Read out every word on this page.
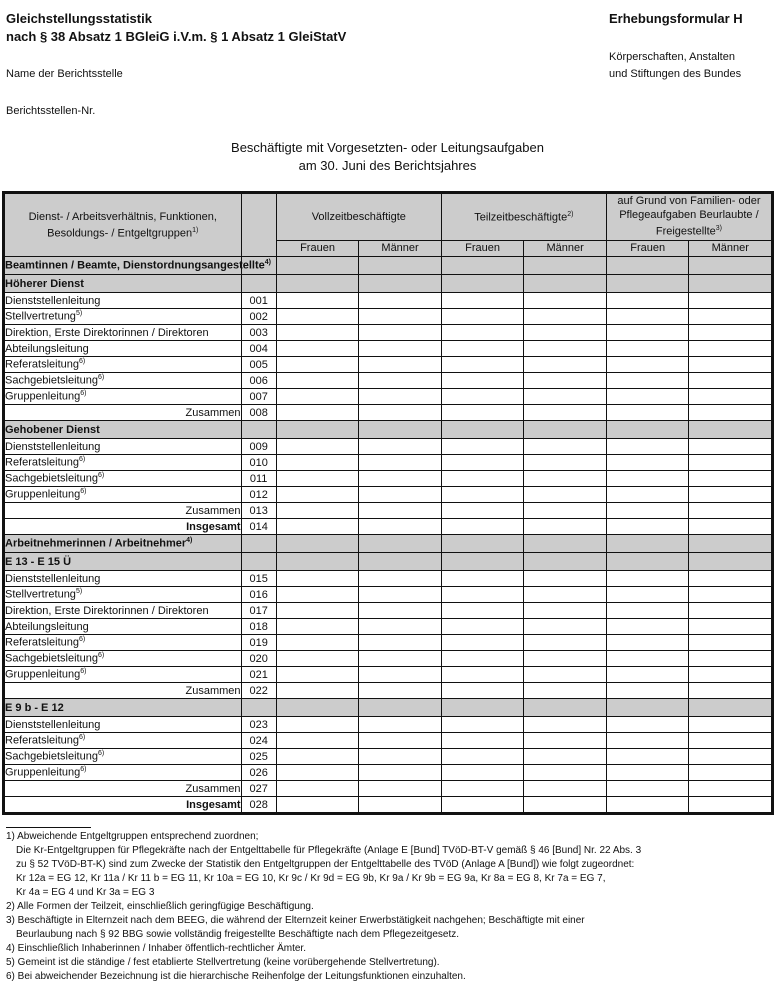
Gleichstellungsstatistik
nach § 38 Absatz 1 BGleiG i.V.m. § 1 Absatz 1 GleiStatV
Erhebungsformular H
Körperschaften, Anstalten
und Stiftungen des Bundes
Name der Berichtsstelle
Berichtsstellen-Nr.
Beschäftigte mit Vorgesetzten- oder Leitungsaufgaben
am 30. Juni des Berichtsjahres
Dienst- / Arbeitsverhältnis, Funktionen, Besoldungs- / Entgeltgruppen$^{1)}$		Vollzeitbeschäftigte		Teilzeitbeschäftigte$^{2)}$		auf Grund von Familien- oder Pflegeaufgaben Beurlaubte / Freigestellte$^{3)}$
		Frauen	Männer	Frauen	Männer	Frauen	Männer
Beamtinnen / Beamte, Dienstordnungsangestellte$^{4)}$							
Höherer Dienst							
Dienststellenleitung	001						
Stellvertretung$^{5)}$	002						
Direktion, Erste Direktorinnen / Direktoren	003						
Abteilungsleitung	004						
Referatsleitung$^{6)}$	005						
Sachgebietsleitung$^{6)}$	006						
Gruppenleitung$^{6)}$	007						
Zusammen	008						
Gehobener Dienst							
Dienststellenleitung	009						
Referatsleitung$^{6)}$	010						
Sachgebietsleitung$^{6)}$	011						
Gruppenleitung$^{6)}$	012						
Zusammen	013						
Insgesamt	014						
Arbeitnehmerinnen / Arbeitnehmer$^{4)}$							
E 13 - E 15 Ü							
Dienststellenleitung	015						
Stellvertretung$^{5)}$	016						
Direktion, Erste Direktorinnen / Direktoren	017						
Abteilungsleitung	018						
Referatsleitung$^{6)}$	019						
Sachgebietsleitung$^{6)}$	020						
Gruppenleitung$^{6)}$	021						
Zusammen	022						
E 9 b - E 12							
Dienststellenleitung	023						
Referatsleitung$^{6)}$	024						
Sachgebietsleitung$^{6)}$	025						
Gruppenleitung$^{6)}$	026						
Zusammen	027						
Insgesamt	028						
1) Abweichende Entgeltgruppen entsprechend zuordnen;
Die Kr-Entgeltgruppen für Pflegekräfte nach der Entgelttabelle für Pflegekräfte (Anlage E [Bund] TVöD-BT-V gemäß § 46 [Bund] Nr. 22 Abs. 3
zu § 52 TVöD-BT-K) sind zum Zwecke der Statistik den Entgeltgruppen der Entgelttabelle des TVöD (Anlage A [Bund]) wie folgt zugeordnet:
Kr 12a = EG 12, Kr 11a / Kr 11 b = EG 11, Kr 10a = EG 10, Kr 9c / Kr 9d = EG 9b, Kr 9a / Kr 9b = EG 9a, Kr 8a = EG 8, Kr 7a = EG 7,
Kr 4a = EG 4 und Kr 3a = EG 3
2) Alle Formen der Teilzeit, einschließlich geringfügige Beschäftigung.
3) Beschäftigte in Elternzeit nach dem BEEG, die während der Elternzeit keiner Erwerbstätigkeit nachgehen; Beschäftigte mit einer
Beurlaubung nach § 92 BBG sowie vollständig freigestellte Beschäftigte nach dem Pflegezeitgesetz.
4) Einschließlich Inhaberinnen / Inhaber öffentlich-rechtlicher Ämter.
5) Gemeint ist die ständige / fest etablierte Stellvertretung (keine vorübergehende Stellvertretung).
6) Bei abweichender Bezeichnung ist die hierarchische Reihenfolge der Leitungsfunktionen einzuhalten.
